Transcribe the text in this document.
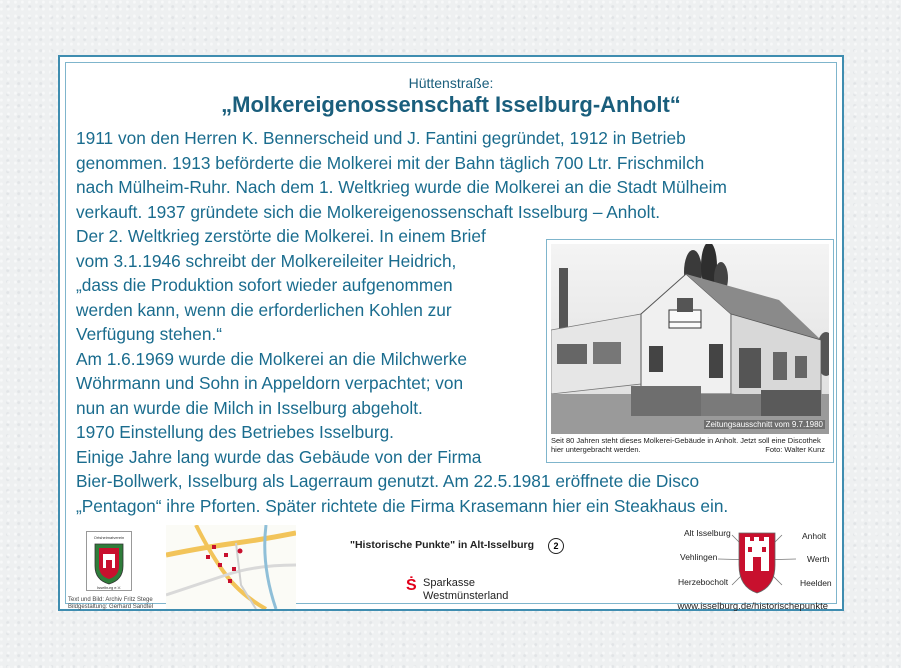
Hüttenstraße:
„Molkereigenossenschaft Isselburg-Anholt“
1911 von den Herren K. Bennerscheid und J. Fantini gegründet, 1912 in Betrieb
genommen. 1913 beförderte die Molkerei mit der Bahn täglich 700 Ltr. Frischmilch
nach Mülheim-Ruhr. Nach dem 1. Weltkrieg wurde die Molkerei an die Stadt Mülheim
verkauft. 1937 gründete sich die Molkereigenossenschaft Isselburg – Anholt.
Der 2. Weltkrieg zerstörte die Molkerei. In einem Brief
vom 3.1.1946 schreibt der Molkereileiter Heidrich,
„dass die Produktion sofort wieder aufgenommen
werden kann, wenn die erforderlichen Kohlen zur
Verfügung stehen.“
Am 1.6.1969 wurde die Molkerei an die Milchwerke
Wöhrmann und Sohn in Appeldorn verpachtet; von
nun an wurde die Milch in Isselburg abgeholt.
1970 Einstellung des Betriebes Isselburg.
Einige Jahre lang wurde das Gebäude von der Firma
Bier-Bollwerk, Isselburg als Lagerraum genutzt. Am 22.5.1981 eröffnete die Disco
„Pentagon“ ihre Pforten. Später richtete die Firma Krasemann hier ein Steakhaus ein.
Zeitungsausschnitt vom 9.7.1980
Seit 80 Jahren steht dieses Molkerei-Gebäude in Anholt. Jetzt soll eine Discothek hier untergebracht werden.	Foto: Walter Kunz
Ortsheimatverein
Isselburg e.V.
Text und Bild: Archiv Fritz Stege
Bildgestaltung: Gerhard Sandtel
"Historische Punkte" in Alt-Isselburg	2
Ṡ Sparkasse
Westmünsterland
Alt Isselburg	Anholt
Vehlingen	Werth
Herzebocholt	Heelden
www.isselburg.de/historischepunkte
